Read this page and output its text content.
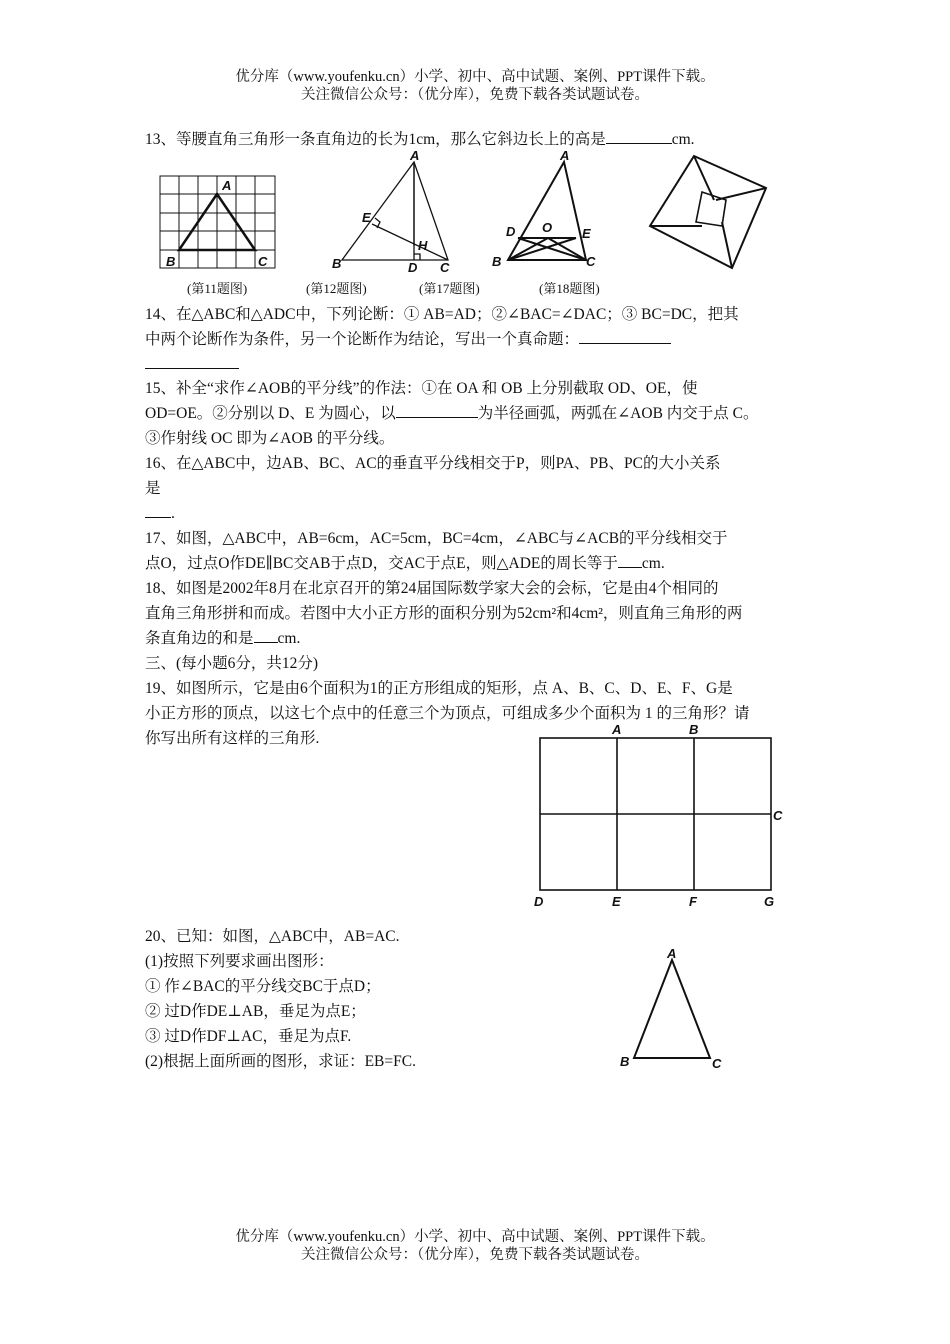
优分库（www.youfenku.cn）小学、初中、高中试题、案例、PPT课件下载。
关注微信公众号：（优分库），免费下载各类试题试卷。
13、等腰直角三角形一条直角边的长为1cm，那么它斜边长上的高是	cm.
A
B	C
A
B	C
D
E
H
A
B	C
D	E
O
(第11题图)	(第12题图)	(第17题图)	(第18题图)
14、在△ABC和△ADC中，下列论断：① AB=AD；②∠BAC=∠DAC；③ BC=DC，把其
中两个论断作为条件，另一个论断作为结论，写出一个真命题：
15、补全“求作∠AOB的平分线”的作法：①在 OA 和 OB 上分别截取 OD、OE，使
OD=OE。②分别以 D、E 为圆心，以	为半径画弧，两弧在∠AOB 内交于点 C。
③作射线 OC 即为∠AOB 的平分线。
16、在△ABC中，边AB、BC、AC的垂直平分线相交于P，则PA、PB、PC的大小关系
是
.
17、如图，△ABC中，AB=6cm，AC=5cm，BC=4cm，∠ABC与∠ACB的平分线相交于
点O，过点O作DE∥BC交AB于点D，交AC于点E，则△ADE的周长等于 cm.
18、如图是2002年8月在北京召开的第24届国际数学家大会的会标，它是由4个相同的
直角三角形拼和而成。若图中大小正方形的面积分别为52cm²和4cm²，则直角三角形的两
条直角边的和是 cm.
三、(每小题6分，共12分)
19、如图所示，它是由6个面积为1的正方形组成的矩形，点 A、B、C、D、E、F、G是
小正方形的顶点，以这七个点中的任意三个为顶点，可组成多少个面积为 1 的三角形？请
你写出所有这样的三角形.
A	B
C
D	E	F	G
20、已知：如图，△ABC中，AB=AC.
(1)按照下列要求画出图形：
① 作∠BAC的平分线交BC于点D；
② 过D作DE⊥AB，垂足为点E；
③ 过D作DF⊥AC，垂足为点F.
(2)根据上面所画的图形，求证：EB=FC.
A
B	C
优分库（www.youfenku.cn）小学、初中、高中试题、案例、PPT课件下载。
关注微信公众号：（优分库），免费下载各类试题试卷。
